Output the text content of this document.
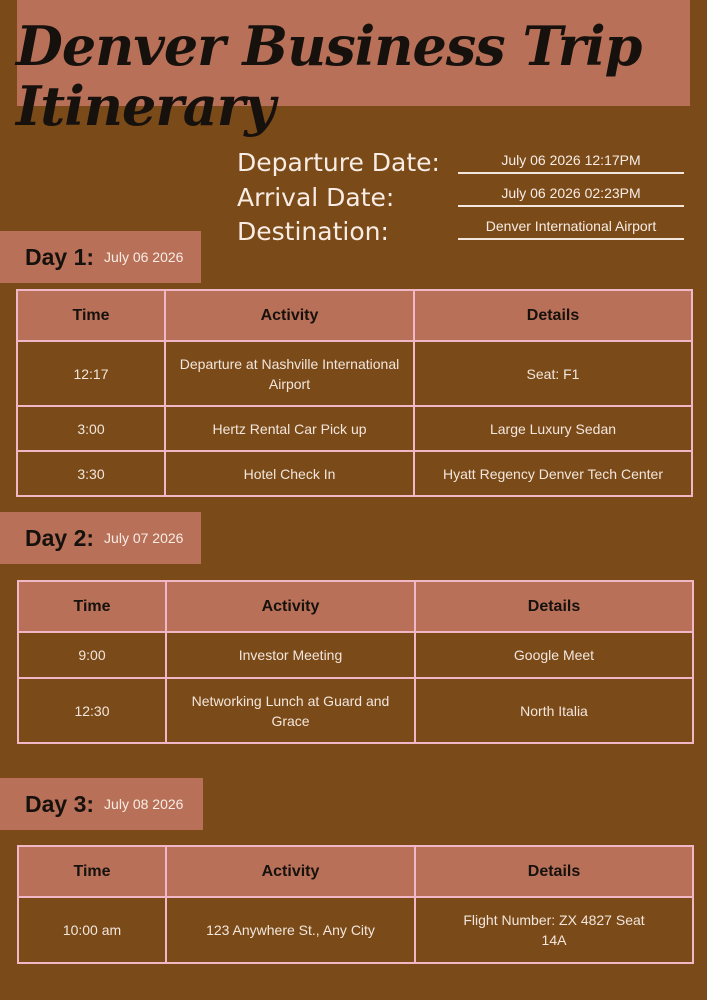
Denver Business Trip Itinerary
Departure Date:	July 06 2026 12:17PM
Arrival Date:	July 06 2026 02:23PM
Destination:	Denver International Airport
Day 1: July 06 2026
Time	Activity	Details
12:17	Departure at Nashville International Airport	Seat: F1
3:00	Hertz Rental Car Pick up	Large Luxury Sedan
3:30	Hotel Check In	Hyatt Regency Denver Tech Center
Day 2: July 07 2026
Time	Activity	Details
9:00	Investor Meeting	Google Meet
12:30	Networking Lunch at Guard and Grace	North Italia
Day 3: July 08 2026
Time	Activity	Details
10:00 am	123 Anywhere St., Any City	Flight Number: ZX 4827 Seat 14A
